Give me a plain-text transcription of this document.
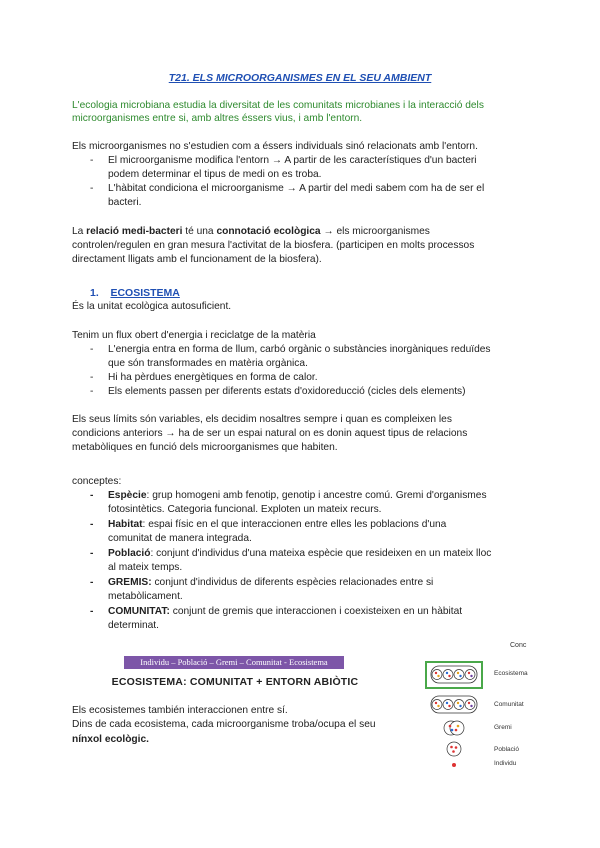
T21. ELS MICROORGANISMES EN EL SEU AMBIENT
L'ecologia microbiana estudia la diversitat de les comunitats microbianes i la interacció dels
microorganismes entre si, amb altres éssers vius, i amb l'entorn.
Els microorganismes no s'estudien com a éssers individuals sinó relacionats amb l'entorn.
- El microorganisme modifica l'entorn → A partir de les característiques d'un bacteri
podem determinar el tipus de medi on es troba.
- L'hàbitat condiciona el microorganisme → A partir del medi sabem com ha de ser el
bacteri.
La relació medi-bacteri té una connotació ecològica → els microorganismes
controlen/regulen en gran mesura l'activitat de la biosfera. (participen en molts processos
directament lligats amb el funcionament de la biosfera).
1. ECOSISTEMA
És la unitat ecològica autosuficient.
Tenim un flux obert d'energia i reciclatge de la matèria
- L'energia entra en forma de llum, carbó orgànic o substàncies inorgàniques reduïdes
que són transformades en matèria orgànica.
- Hi ha pèrdues energètiques en forma de calor.
- Els elements passen per diferents estats d'oxidoreducció (cicles dels elements)
Els seus límits són variables, els decidim nosaltres sempre i quan es compleixen les
condicions anteriors → ha de ser un espai natural on es donin aquest tipus de relacions
metabòliques en funció dels microorganismes que habiten.
conceptes:
- Espècie: grup homogeni amb fenotip, genotip i ancestre comú. Gremi d'organismes
fotosintètics. Categoria funcional. Exploten un mateix recurs.
- Habitat: espai físic en el que interaccionen entre elles les poblacions d'una
comunitat de manera integrada.
- Població: conjunt d'individus d'una mateixa espècie que resideixen en un mateix lloc
al mateix temps.
- GREMIS: conjunt d'individus de diferents espècies relacionades entre si
metabòlicament.
- COMUNITAT: conjunt de gremis que interaccionen i coexisteixen en un hàbitat
determinat.
Individu – Població – Gremi – Comunitat - Ecosistema
ECOSISTEMA: COMUNITAT + ENTORN ABIÒTIC
Els ecosistemes también interaccionen entre sí.
Dins de cada ecosistema, cada microorganisme troba/ocupa el seu
nínxol ecològic.
Conc
Ecosistema
Comunitat
Gremi
Població
Individu
